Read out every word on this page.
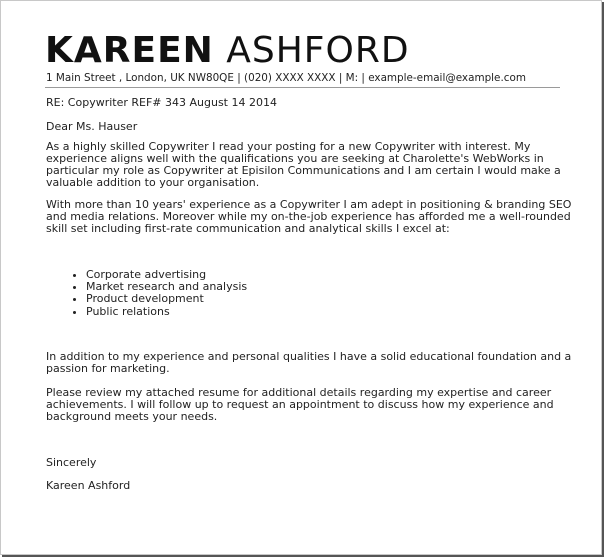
KAREEN ASHFORD
1 Main Street , London, UK NW80QE | (020) XXXX XXXX | M: | example-email@example.com
RE: Copywriter REF# 343 August 14 2014
Dear Ms. Hauser
As a highly skilled Copywriter I read your posting for a new Copywriter with interest. My
experience aligns well with the qualifications you are seeking at Charolette's WebWorks in
particular my role as Copywriter at Episilon Communications and I am certain I would make a
valuable addition to your organisation.
With more than 10 years' experience as a Copywriter I am adept in positioning & branding SEO
and media relations. Moreover while my on-the-job experience has afforded me a well-rounded
skill set including first-rate communication and analytical skills I excel at:
• Corporate advertising
• Market research and analysis
• Product development
• Public relations
In addition to my experience and personal qualities I have a solid educational foundation and a
passion for marketing.
Please review my attached resume for additional details regarding my expertise and career
achievements. I will follow up to request an appointment to discuss how my experience and
background meets your needs.
Sincerely
Kareen Ashford
